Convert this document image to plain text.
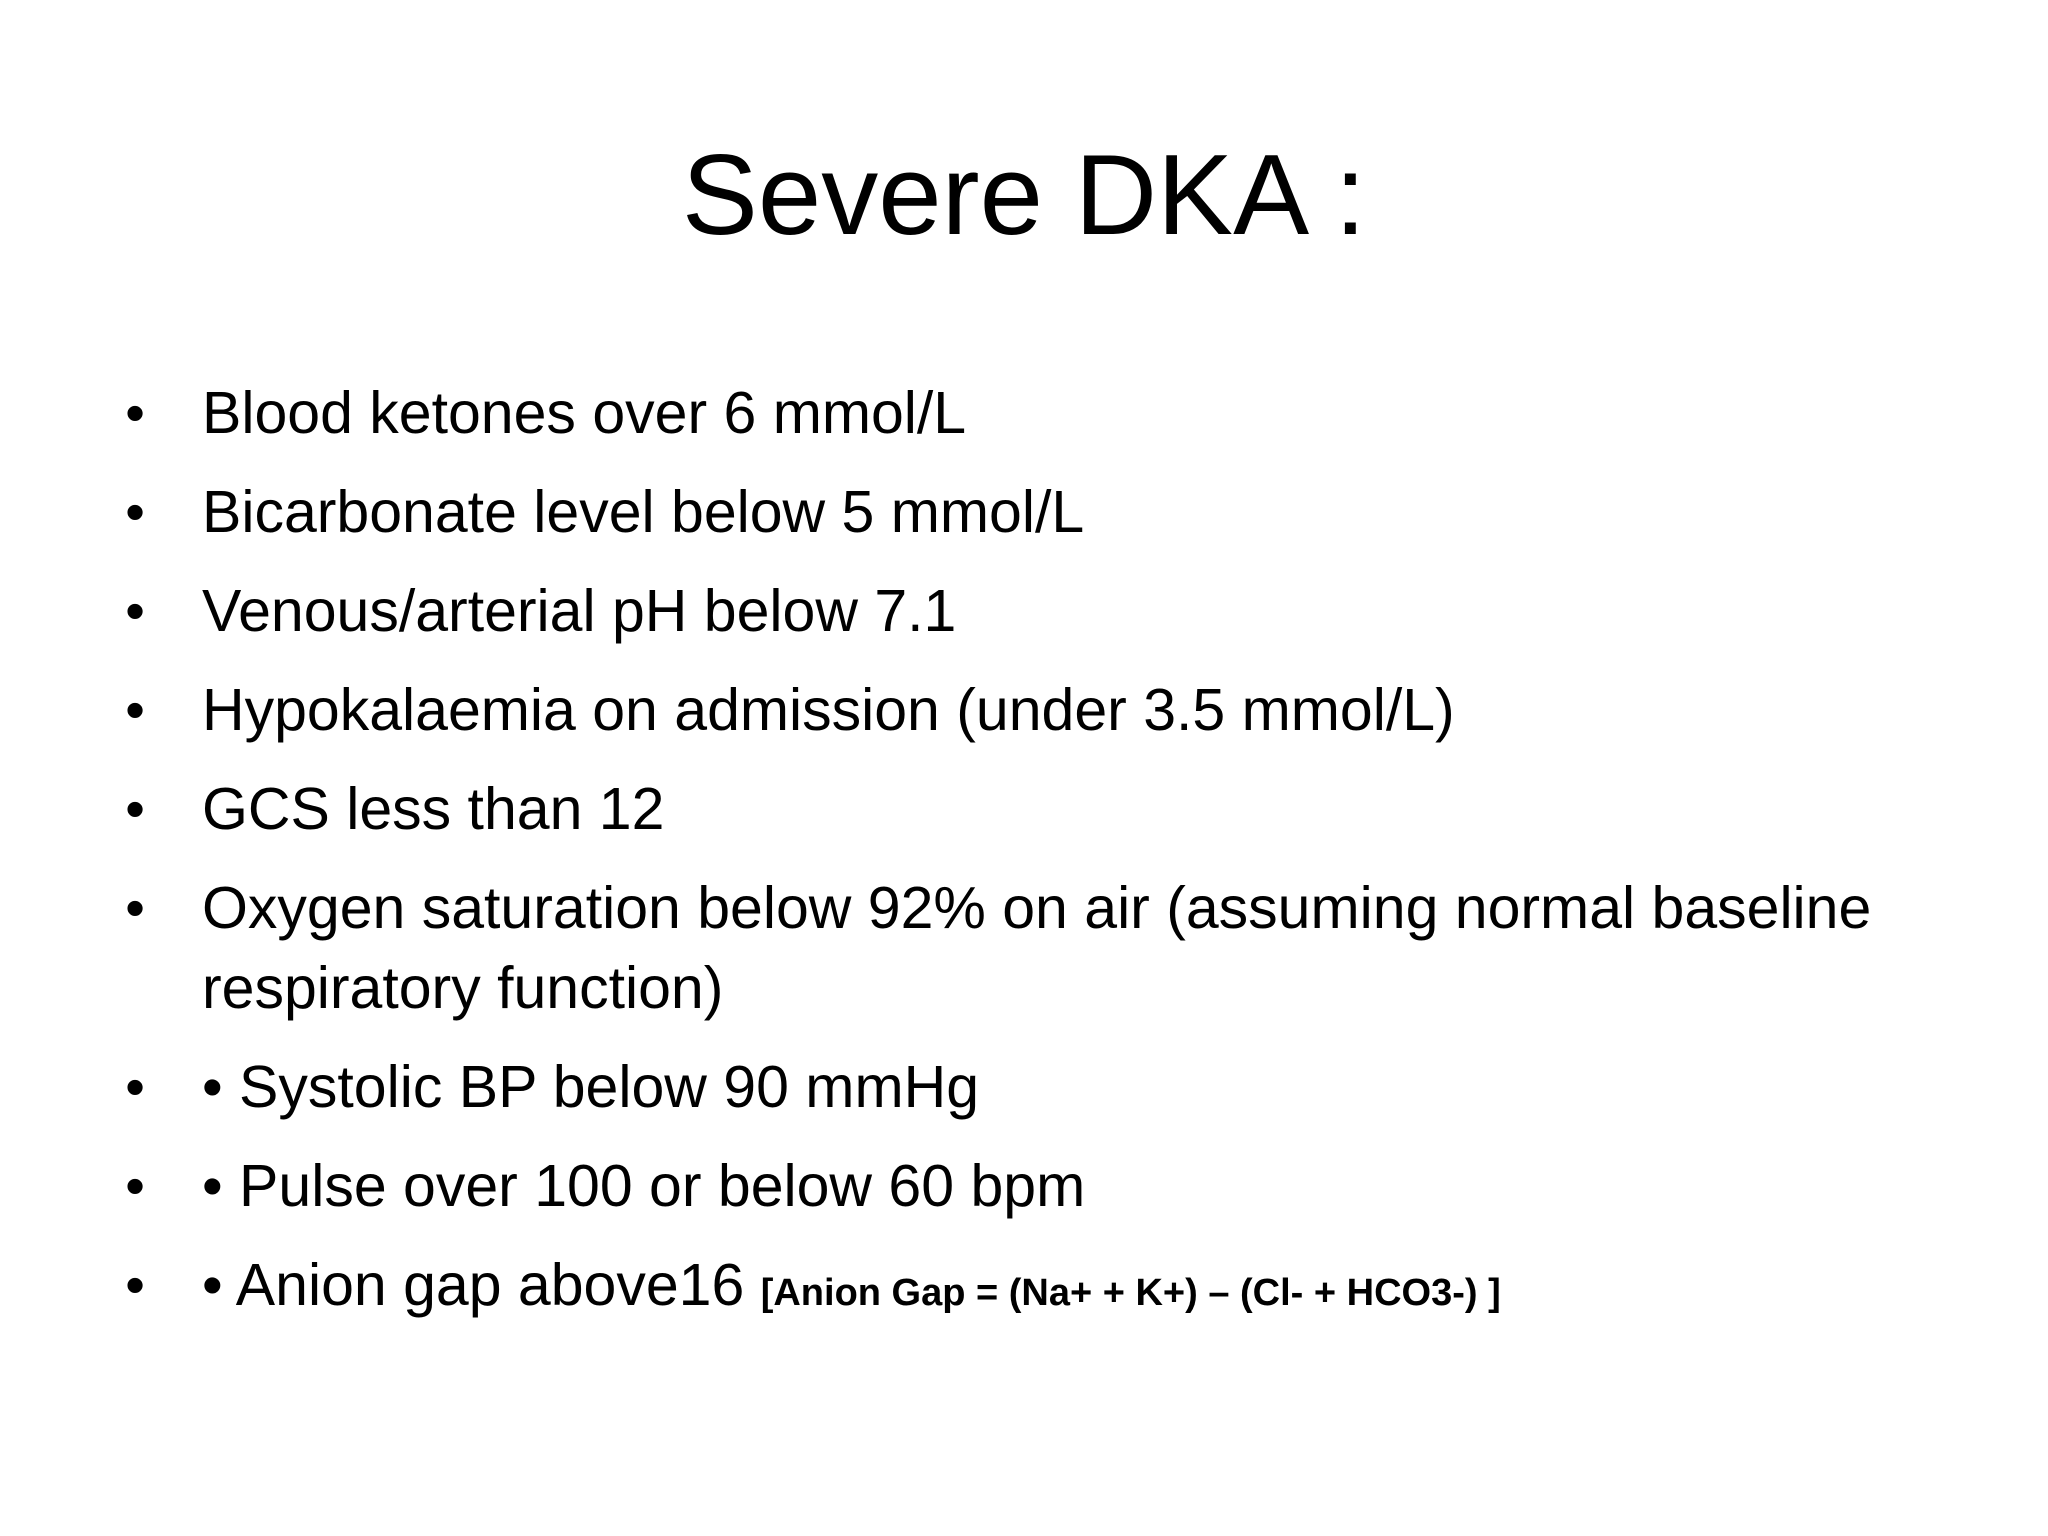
Severe DKA :
• Blood ketones over 6 mmol/L
• Bicarbonate level below 5 mmol/L
• Venous/arterial pH below 7.1
• Hypokalaemia on admission (under 3.5 mmol/L)
• GCS less than 12
• Oxygen saturation below 92% on air (assuming normal baseline respiratory function)
• • Systolic BP below 90 mmHg
• • Pulse over 100 or below 60 bpm
• • Anion gap above16 [Anion Gap = (Na+ + K+) – (Cl- + HCO3-) ]
